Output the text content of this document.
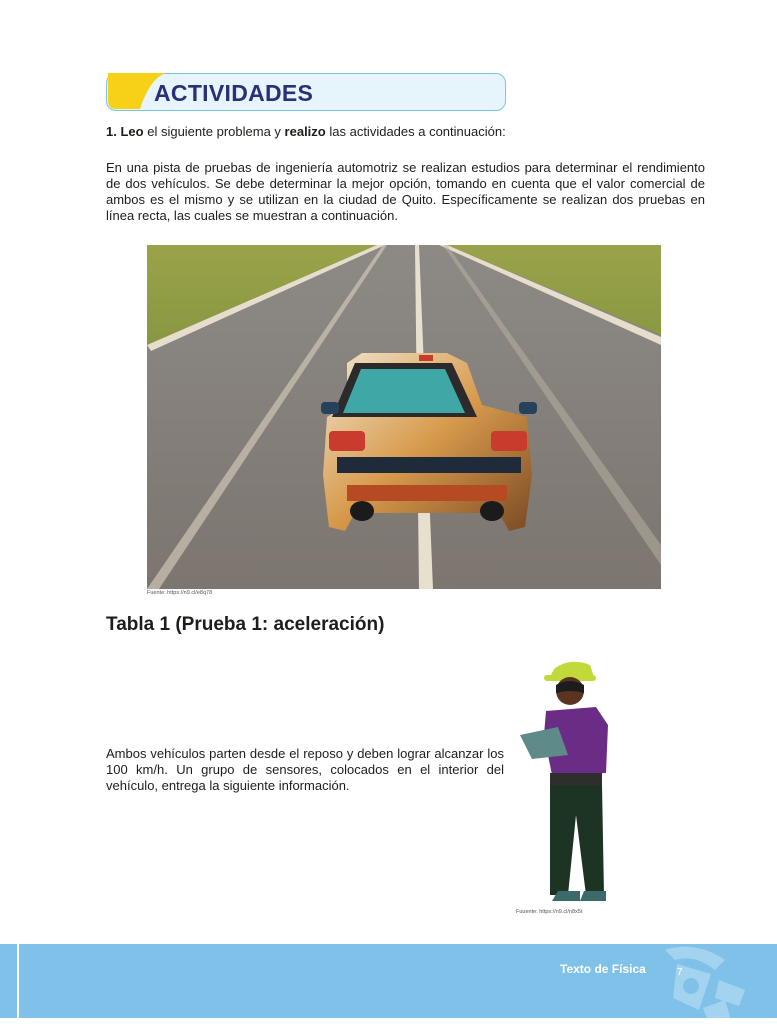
ACTIVIDADES
1. Leo el siguiente problema y realizo las actividades a continuación:
En una pista de pruebas de ingeniería automotriz se realizan estudios para determinar el rendimiento de dos vehículos. Se debe determinar la mejor opción, tomando en cuenta que el valor comercial de ambos es el mismo y se utilizan en la ciudad de Quito. Específicamente se realizan dos pruebas en línea recta, las cuales se muestran a continuación.
Fuente: https://n9.cl/e8q78
Tabla 1 (Prueba 1: aceleración)
Ambos vehículos parten desde el reposo y deben lograr alcanzar los 100 km/h. Un grupo de sensores, colocados en el interior del vehículo, entrega la siguiente información.
Fuuente: https://n9.cl/n8x5t
Texto de Física	7
